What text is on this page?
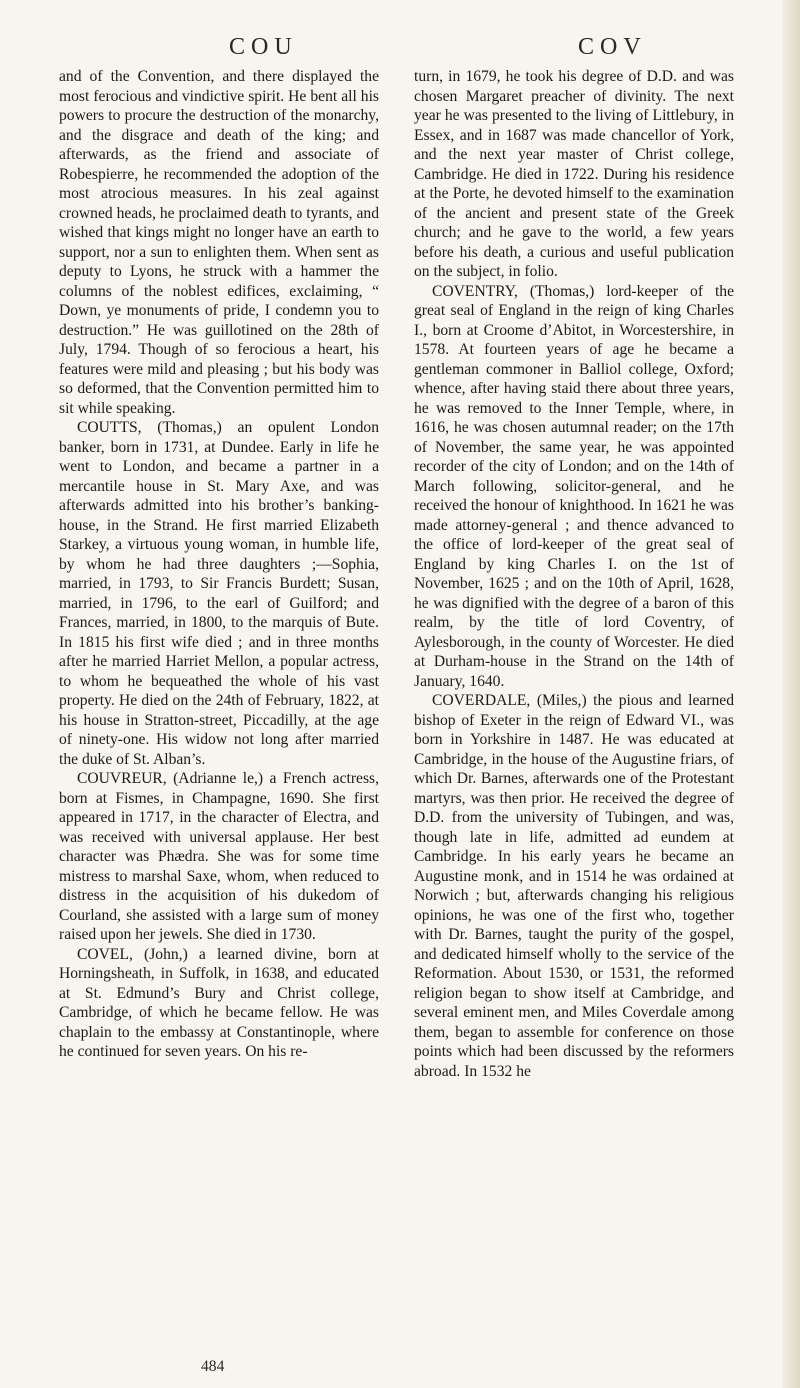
COU	COV

and of the Convention, and there displayed the most ferocious and vindictive spirit. He bent all his powers to procure the destruction of the monarchy, and the disgrace and death of the king; and afterwards, as the friend and associate of Robespierre, he recommended the adoption of the most atrocious measures. In his zeal against crowned heads, he proclaimed death to tyrants, and wished that kings might no longer have an earth to support, nor a sun to enlighten them. When sent as deputy to Lyons, he struck with a hammer the columns of the noblest edifices, exclaiming, “ Down, ye monuments of pride, I condemn you to destruction.” He was guillotined on the 28th of July, 1794. Though of so ferocious a heart, his features were mild and pleasing ; but his body was so deformed, that the Convention permitted him to sit while speaking.

COUTTS, (Thomas,) an opulent London banker, born in 1731, at Dundee. Early in life he went to London, and became a partner in a mercantile house in St. Mary Axe, and was afterwards admitted into his brother’s banking-house, in the Strand. He first married Elizabeth Starkey, a virtuous young woman, in humble life, by whom he had three daughters ;—Sophia, married, in 1793, to Sir Francis Burdett; Susan, married, in 1796, to the earl of Guilford; and Frances, married, in 1800, to the marquis of Bute. In 1815 his first wife died ; and in three months after he married Harriet Mellon, a popular actress, to whom he bequeathed the whole of his vast property. He died on the 24th of February, 1822, at his house in Stratton-street, Piccadilly, at the age of ninety-one. His widow not long after married the duke of St. Alban’s.

COUVREUR, (Adrianne le,) a French actress, born at Fismes, in Champagne, 1690. She first appeared in 1717, in the character of Electra, and was received with universal applause. Her best character was Phædra. She was for some time mistress to marshal Saxe, whom, when reduced to distress in the acquisition of his dukedom of Courland, she assisted with a large sum of money raised upon her jewels. She died in 1730.

COVEL, (John,) a learned divine, born at Horningsheath, in Suffolk, in 1638, and educated at St. Edmund’s Bury and Christ college, Cambridge, of which he became fellow. He was chaplain to the embassy at Constantinople, where he continued for seven years. On his re-

turn, in 1679, he took his degree of D.D. and was chosen Margaret preacher of divinity. The next year he was presented to the living of Littlebury, in Essex, and in 1687 was made chancellor of York, and the next year master of Christ college, Cambridge. He died in 1722. During his residence at the Porte, he devoted himself to the examination of the ancient and present state of the Greek church; and he gave to the world, a few years before his death, a curious and useful publication on the subject, in folio.

COVENTRY, (Thomas,) lord-keeper of the great seal of England in the reign of king Charles I., born at Croome d’Abitot, in Worcestershire, in 1578. At fourteen years of age he became a gentleman commoner in Balliol college, Oxford; whence, after having staid there about three years, he was removed to the Inner Temple, where, in 1616, he was chosen autumnal reader; on the 17th of November, the same year, he was appointed recorder of the city of London; and on the 14th of March following, solicitor-general, and he received the honour of knighthood. In 1621 he was made attorney-general ; and thence advanced to the office of lord-keeper of the great seal of England by king Charles I. on the 1st of November, 1625 ; and on the 10th of April, 1628, he was dignified with the degree of a baron of this realm, by the title of lord Coventry, of Aylesborough, in the county of Worcester. He died at Durham-house in the Strand on the 14th of January, 1640.

COVERDALE, (Miles,) the pious and learned bishop of Exeter in the reign of Edward VI., was born in Yorkshire in 1487. He was educated at Cambridge, in the house of the Augustine friars, of which Dr. Barnes, afterwards one of the Protestant martyrs, was then prior. He received the degree of D.D. from the university of Tubingen, and was, though late in life, admitted ad eundem at Cambridge. In his early years he became an Augustine monk, and in 1514 he was ordained at Norwich ; but, afterwards changing his religious opinions, he was one of the first who, together with Dr. Barnes, taught the purity of the gospel, and dedicated himself wholly to the service of the Reformation. About 1530, or 1531, the reformed religion began to show itself at Cambridge, and several eminent men, and Miles Coverdale among them, began to assemble for conference on those points which had been discussed by the reformers abroad. In 1532 he

484
